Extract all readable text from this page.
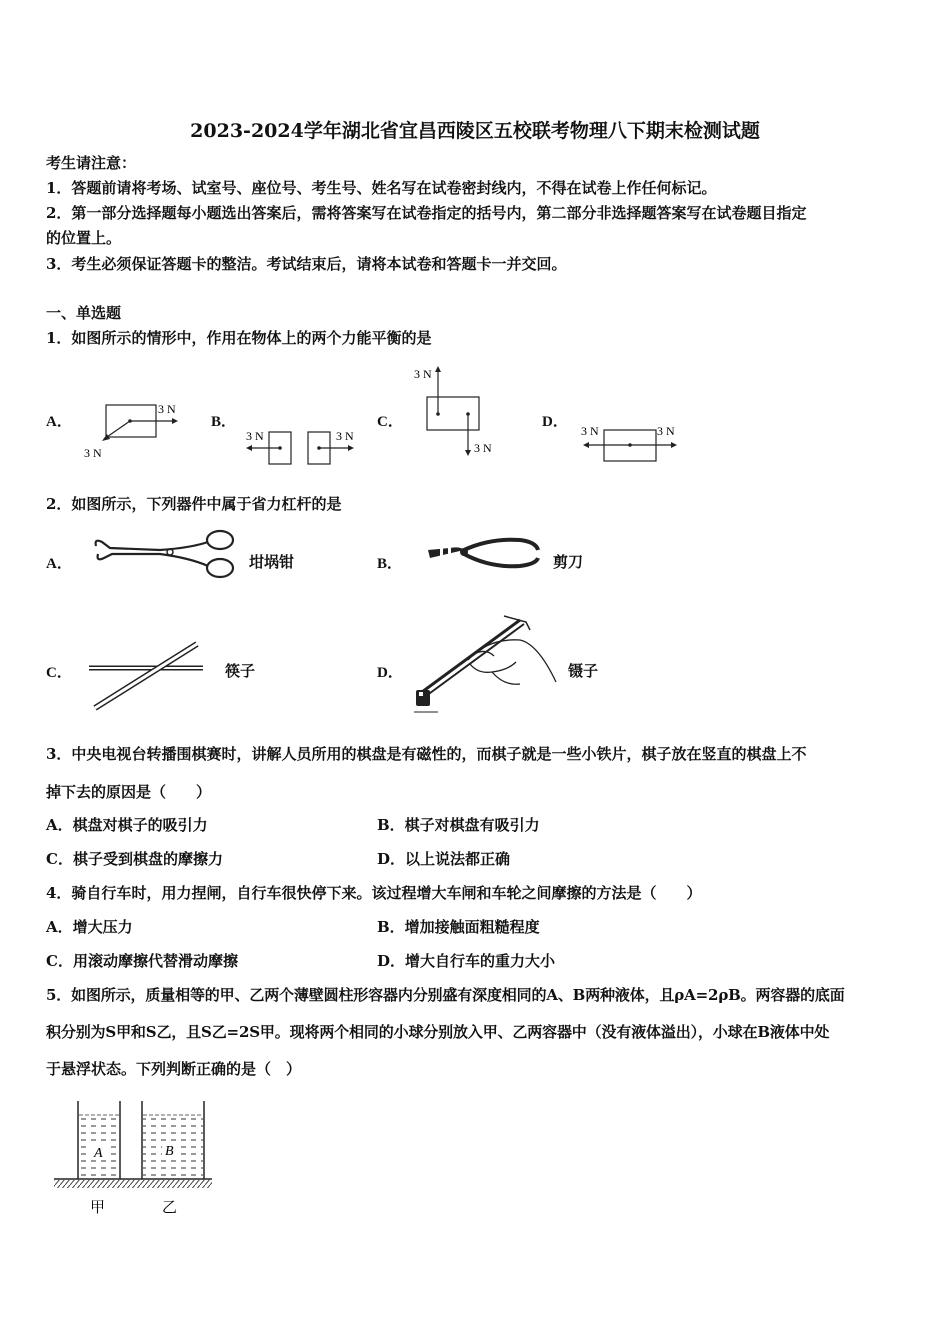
2023-2024学年湖北省宜昌西陵区五校联考物理八下期末检测试题
考生请注意：
1．答题前请将考场、试室号、座位号、考生号、姓名写在试卷密封线内，不得在试卷上作任何标记。
2．第一部分选择题每小题选出答案后，需将答案写在试卷指定的括号内，第二部分非选择题答案写在试卷题目指定
的位置上。
3．考生必须保证答题卡的整洁。考试结束后，请将本试卷和答题卡一并交回。
一、单选题
1．如图所示的情形中，作用在物体上的两个力能平衡的是
A．	B．	C．	D．
3 N
3 N
3 N	3 N
3 N
3 N
3 N	3 N
2．如图所示，下列器件中属于省力杠杆的是
A．	B．
C．	D．
坩埚钳	剪刀
筷子	镊子
3．中央电视台转播围棋赛时，讲解人员所用的棋盘是有磁性的，而棋子就是一些小铁片，棋子放在竖直的棋盘上不
掉下去的原因是（　　）
A．棋盘对棋子的吸引力	B．棋子对棋盘有吸引力
C．棋子受到棋盘的摩擦力	D．以上说法都正确
4．骑自行车时，用力捏闸，自行车很快停下来。该过程增大车闸和车轮之间摩擦的方法是（　　）
A．增大压力	B．增加接触面粗糙程度
C．用滚动摩擦代替滑动摩擦	D．增大自行车的重力大小
5．如图所示，质量相等的甲、乙两个薄壁圆柱形容器内分别盛有深度相同的A、B两种液体，且ρA=2ρB。两容器的底面
积分别为S甲和S乙，且S乙=2S甲。现将两个相同的小球分别放入甲、乙两容器中（没有液体溢出），小球在B液体中处
于悬浮状态。下列判断正确的是（　）
A	B
甲	乙
